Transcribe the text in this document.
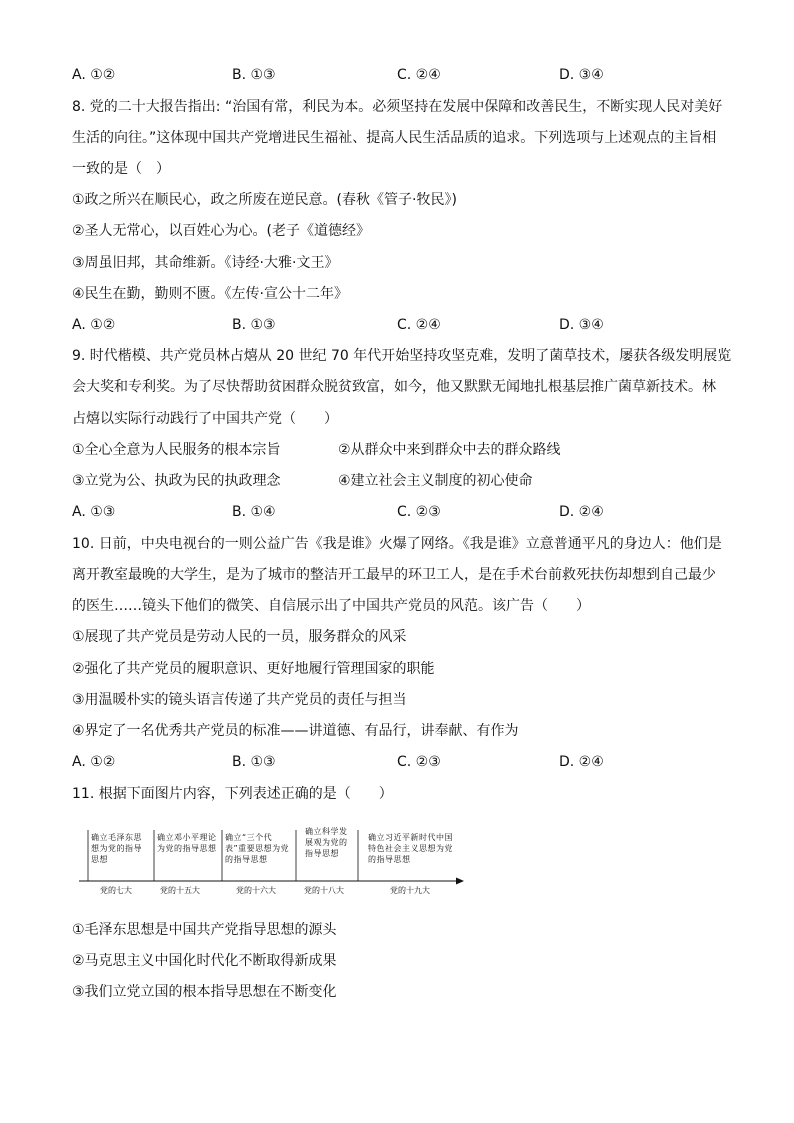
A. ①②	B. ①③	C. ②④	D. ③④
8. 党的二十大报告指出: “治国有常，利民为本。必须坚持在发展中保障和改善民生，不断实现人民对美好
生活的向往。”这体现中国共产党增进民生福祉、提高人民生活品质的追求。下列选项与上述观点的主旨相
一致的是（　）
①政之所兴在顺民心，政之所废在逆民意。(春秋《管子·牧民》)
②圣人无常心，以百姓心为心。(老子《道德经》
③周虽旧邦，其命维新。《诗经·大雅·文王》
④民生在勤，勤则不匮。《左传·宣公十二年》
A. ①②	B. ①③	C. ②④	D. ③④
9. 时代楷模、共产党员林占熺从 20 世纪 70 年代开始坚持攻坚克难，发明了菌草技术，屡获各级发明展览
会大奖和专利奖。为了尽快帮助贫困群众脱贫致富，如今，他又默默无闻地扎根基层推广菌草新技术。林
占熺以实际行动践行了中国共产党（　　）
①全心全意为人民服务的根本宗旨	②从群众中来到群众中去的群众路线
③立党为公、执政为民的执政理念	④建立社会主义制度的初心使命
A. ①③	B. ①④	C. ②③	D. ②④
10. 日前，中央电视台的一则公益广告《我是谁》火爆了网络。《我是谁》立意普通平凡的身边人：他们是
离开教室最晚的大学生，是为了城市的整洁开工最早的环卫工人，是在手术台前救死扶伤却想到自己最少
的医生……镜头下他们的微笑、自信展示出了中国共产党员的风范。该广告（　　）
①展现了共产党员是劳动人民的一员，服务群众的风采
②强化了共产党员的履职意识、更好地履行管理国家的职能
③用温暖朴实的镜头语言传递了共产党员的责任与担当
④界定了一名优秀共产党员的标准——讲道德、有品行，讲奉献、有作为
A. ①②	B. ①③	C. ②③	D. ②④
11. 根据下面图片内容，下列表述正确的是（　　）
确立毛泽东思想为党的指导思想
确立邓小平理论为党的指导思想
确立“三个代表”重要思想为党的指导思想
确立科学发展观为党的指导思想
确立习近平新时代中国特色社会主义思想为党的指导思想
党的七大	党的十五大	党的十六大	党的十八大	党的十九大
①毛泽东思想是中国共产党指导思想的源头
②马克思主义中国化时代化不断取得新成果
③我们立党立国的根本指导思想在不断变化
